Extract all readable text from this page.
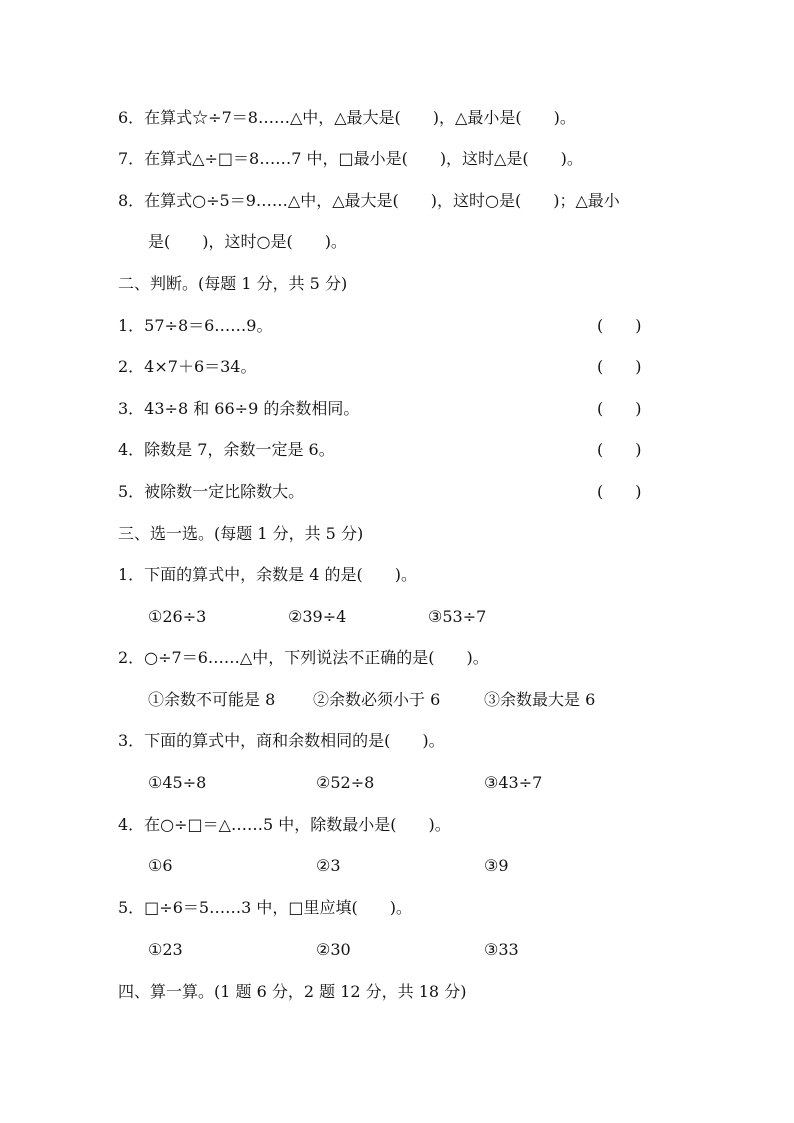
6．在算式☆÷7＝8……△中，△最大是(　　)，△最小是(　　)。
7．在算式△÷□＝8……7 中，□最小是(　　)，这时△是(　　)。
8．在算式○÷5＝9……△中，△最大是(　　)，这时○是(　　)；△最小
是(　　)，这时○是(　　)。
二、判断。(每题 1 分，共 5 分)
1．57÷8＝6……9。	(　　)
2．4×7＋6＝34。	(　　)
3．43÷8 和 66÷9 的余数相同。	(　　)
4．除数是 7，余数一定是 6。	(　　)
5．被除数一定比除数大。	(　　)
三、选一选。(每题 1 分，共 5 分)
1．下面的算式中，余数是 4 的是(　　)。
①26÷3	②39÷4	③53÷7
2．○÷7＝6……△中，下列说法不正确的是(　　)。
①余数不可能是 8 ②余数必须小于 6	③余数最大是 6
3．下面的算式中，商和余数相同的是(　　)。
①45÷8	②52÷8	③43÷7
4．在○÷□＝△……5 中，除数最小是(　　)。
①6	②3	③9
5．□÷6＝5……3 中，□里应填(　　)。
①23	②30	③33
四、算一算。(1 题 6 分，2 题 12 分，共 18 分)
